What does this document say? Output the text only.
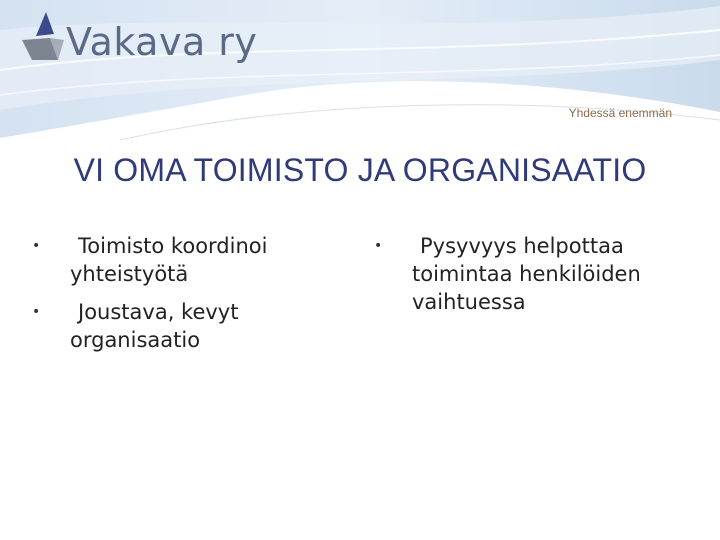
Vakava ry
Yhdessä enemmän
VI OMA TOIMISTO JA ORGANISAATIO
•	Toimisto koordinoi yhteistyötä
•	Joustava, kevyt organisaatio
•	Pysyvyys helpottaa toimintaa henkilöiden vaihtuessa
